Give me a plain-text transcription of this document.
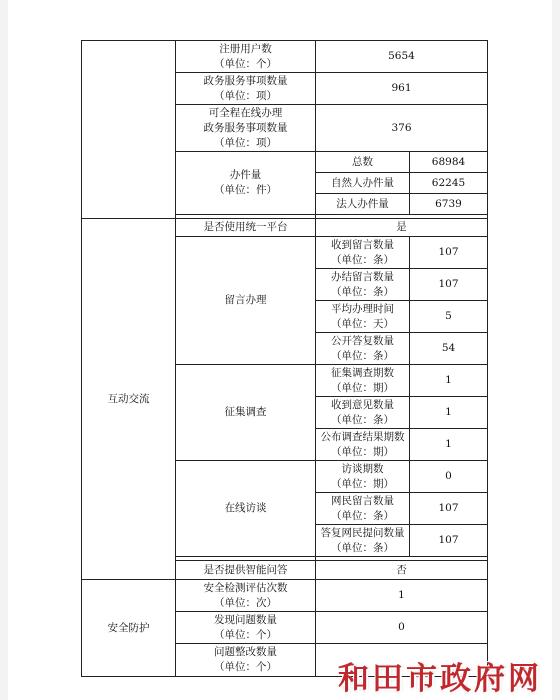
	注册用户数
（单位：个）	5654	

	政务服务事项数量
（单位：项）	961	

	可全程在线办理
政务服务事项数量
（单位：项）	376	

	办件量
（单位：件）	总数	68984
		自然人办件量	62245
		法人办件量	6739

互动交流	是否使用统一平台	是	
	留言办理	收到留言数量
（单位：条）	107

		办结留言数量
（单位：条）	107

		平均办理时间
（单位：天）	5

		公开答复数量
（单位：条）	54
	征集调查	征集调查期数
（单位：期）	1

		收到意见数量
（单位：条）	1

		公布调查结果期数
（单位：期）	1
	在线访谈	访谈期数
（单位：期）	0

		网民留言数量
（单位：条）	107

		答复网民提问数量
（单位：条）	107

	是否提供智能问答	否	
安全防护	安全检测评估次数
（单位：次）	1	

	发现问题数量
（单位：个）	0	

	问题整改数量
（单位：个）		
		和田市政府网
